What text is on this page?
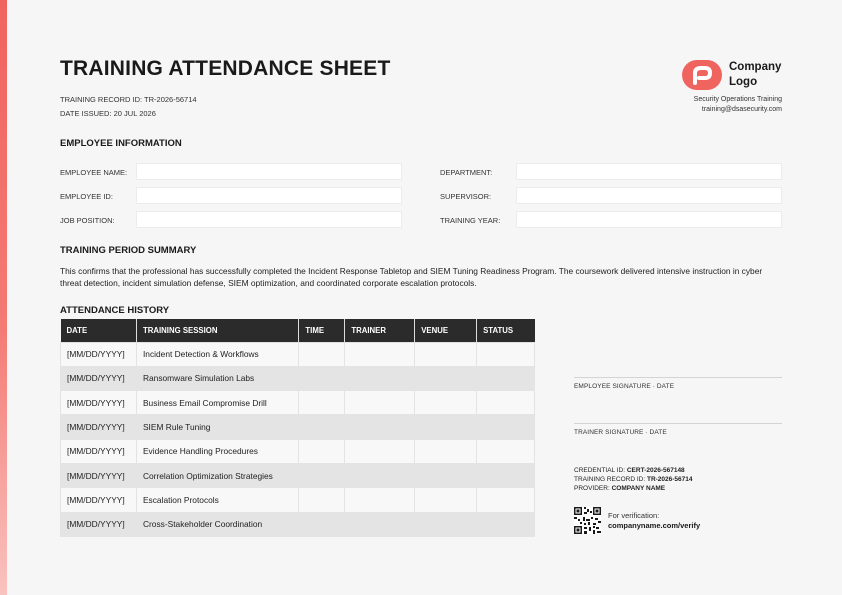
TRAINING ATTENDANCE SHEET
TRAINING RECORD ID: TR-2026-56714
DATE ISSUED: 20 JUL 2026
Company Logo
Security Operations Training
training@dsasecurity.com
EMPLOYEE INFORMATION
EMPLOYEE NAME:
EMPLOYEE ID:
JOB POSITION:
DEPARTMENT:
SUPERVISOR:
TRAINING YEAR:
TRAINING PERIOD SUMMARY

This confirms that the professional has successfully completed the Incident Response Tabletop and SIEM Tuning Readiness Program. The coursework delivered intensive instruction in cyber threat detection, incident simulation defense, SIEM optimization, and coordinated corporate escalation protocols.

ATTENDANCE HISTORY
DATE	TRAINING SESSION	TIME	TRAINER	VENUE	STATUS
[MM/DD/YYYY]	Incident Detection & Workflows				
[MM/DD/YYYY]	Ransomware Simulation Labs				
[MM/DD/YYYY]	Business Email Compromise Drill				
[MM/DD/YYYY]	SIEM Rule Tuning				
[MM/DD/YYYY]	Evidence Handling Procedures				
[MM/DD/YYYY]	Correlation Optimization Strategies				
[MM/DD/YYYY]	Escalation Protocols				
[MM/DD/YYYY]	Cross-Stakeholder Coordination				
EMPLOYEE SIGNATURE · DATE
TRAINER SIGNATURE · DATE
CREDENTIAL ID: CERT-2026-567148
TRAINING RECORD ID: TR-2026-56714
PROVIDER: COMPANY NAME
For verification:
companyname.com/verify
